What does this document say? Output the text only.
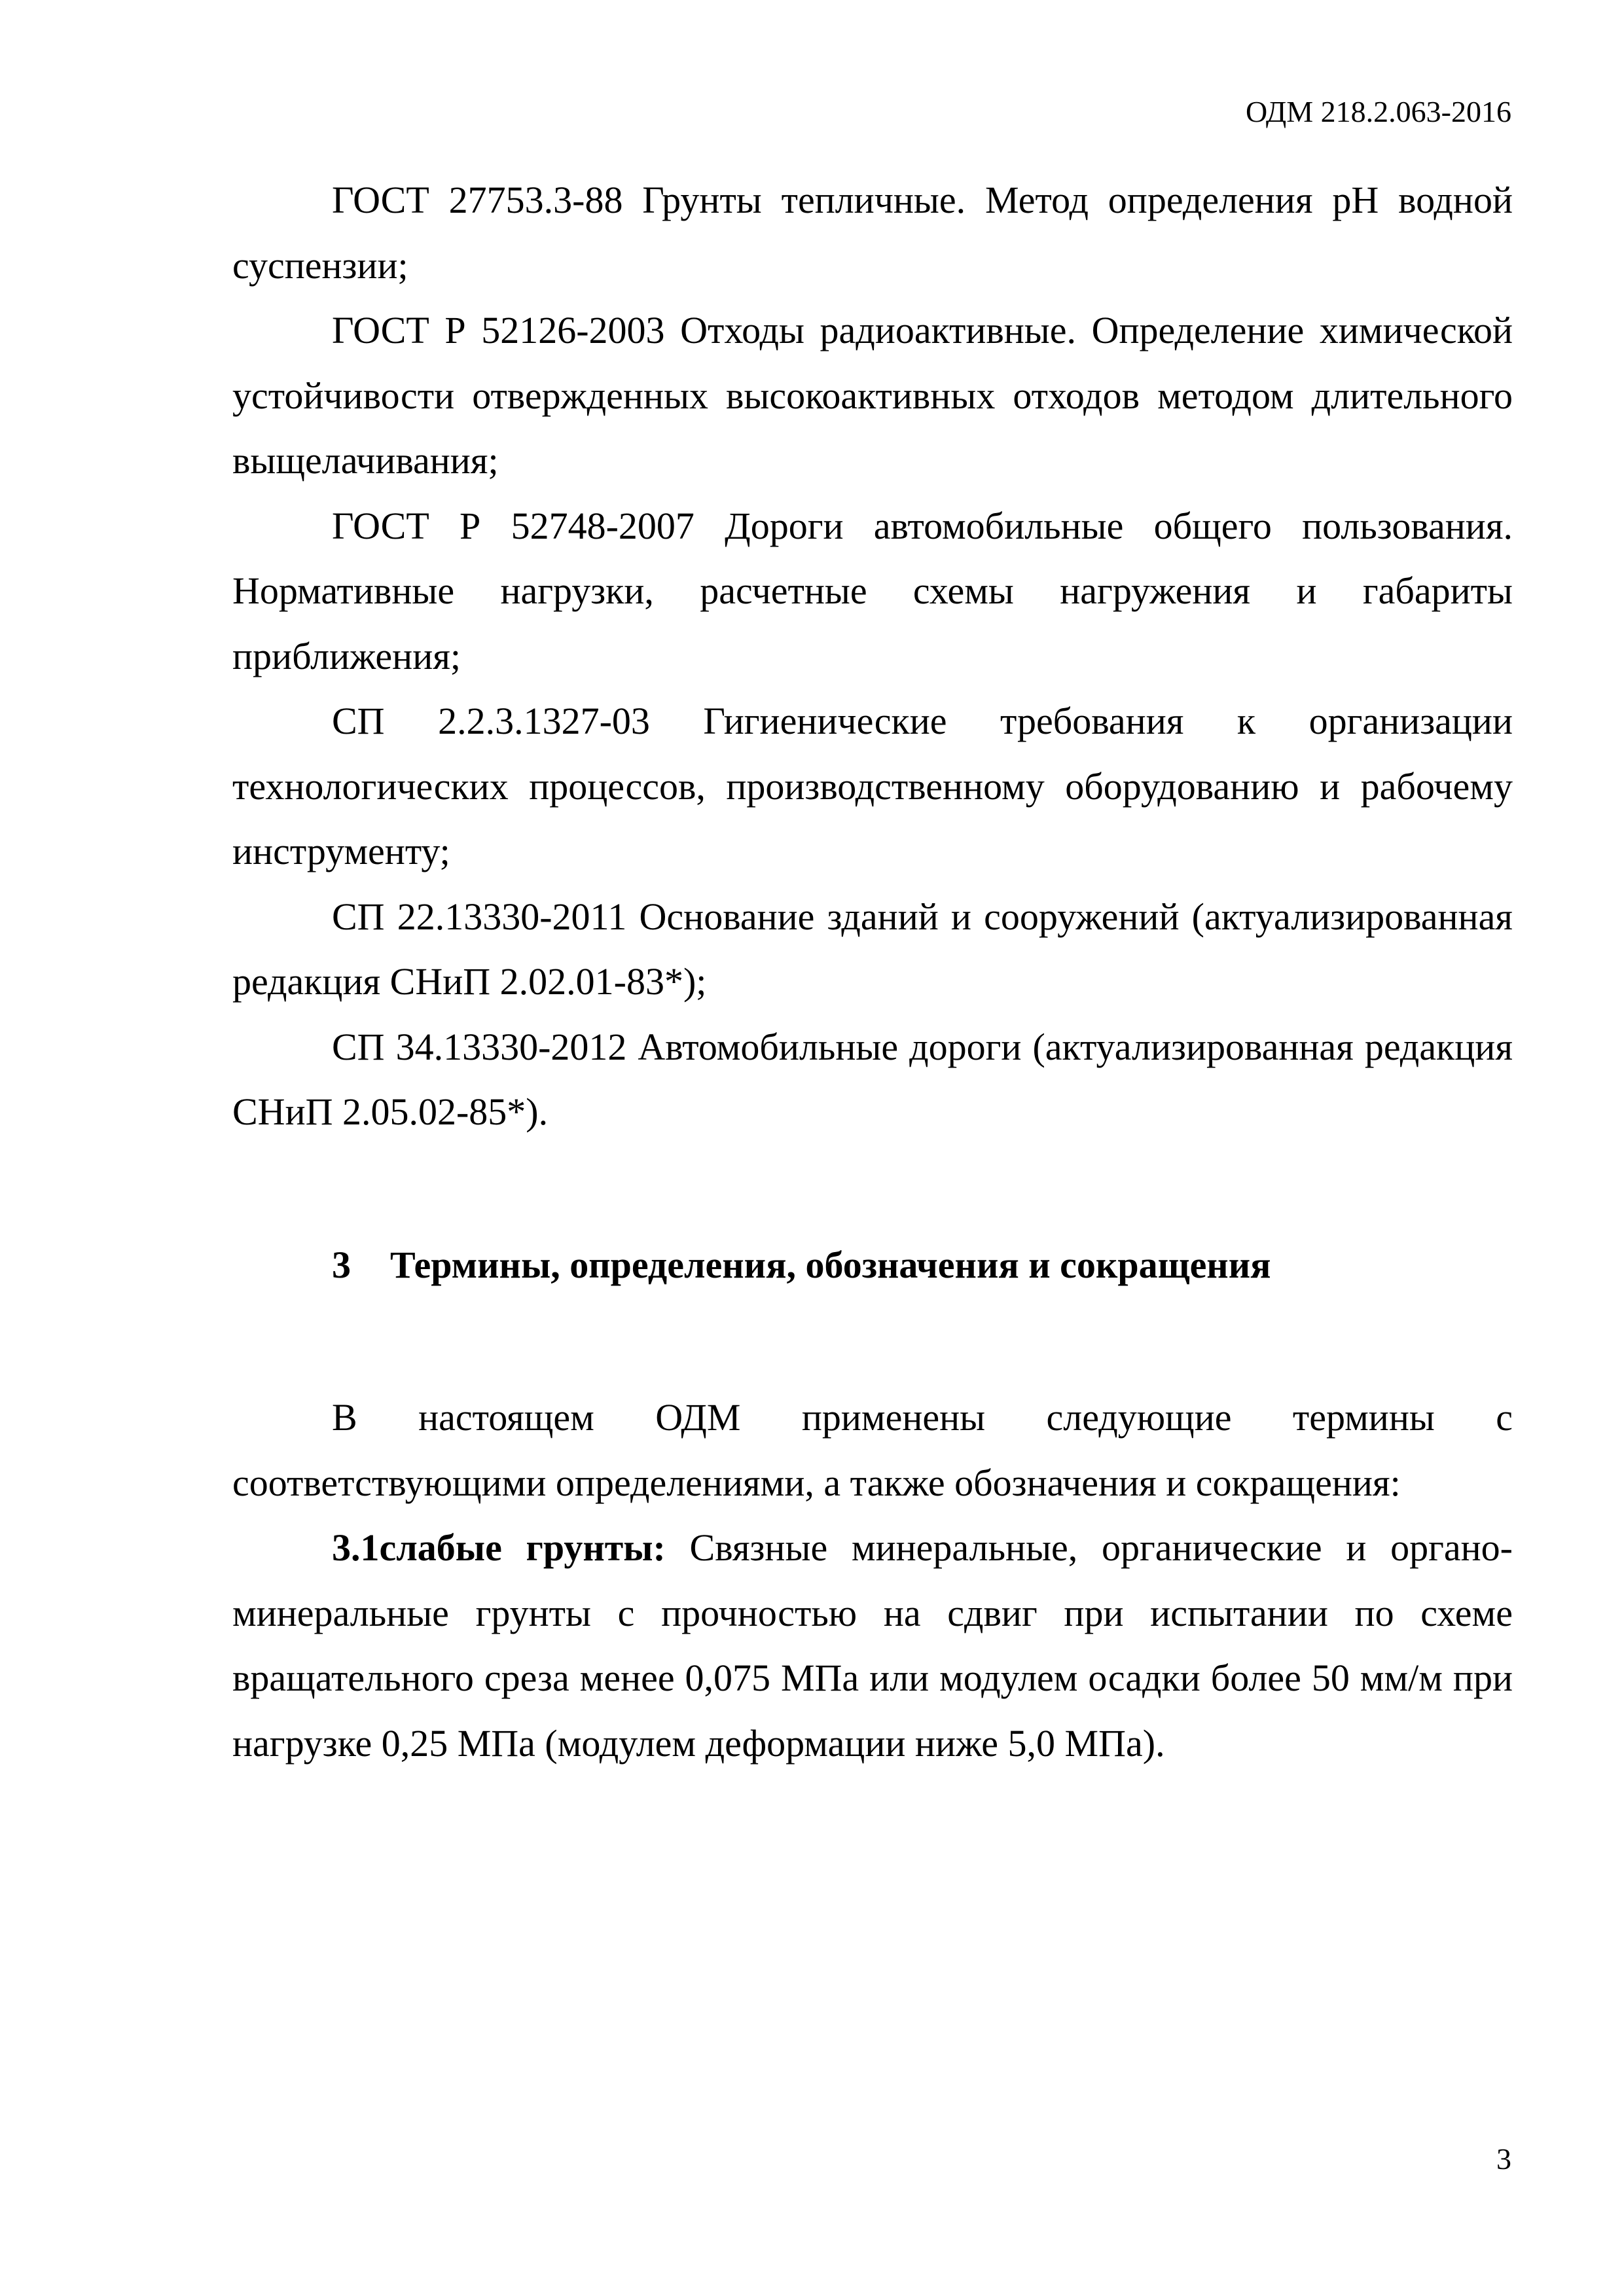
ОДМ 218.2.063-2016

ГОСТ 27753.3-88 Грунты тепличные. Метод определения pH водной суспензии;

ГОСТ Р 52126-2003 Отходы радиоактивные. Определение химической устойчивости отвержденных высокоактивных отходов методом длительного выщелачивания;

ГОСТ Р 52748-2007 Дороги автомобильные общего пользования. Нормативные нагрузки, расчетные схемы нагружения и габариты приближения;

СП 2.2.3.1327-03 Гигиенические требования к организации технологических процессов, производственному оборудованию и рабочему инструменту;

СП 22.13330-2011 Основание зданий и сооружений (актуализированная редакция СНиП 2.02.01-83*);

СП 34.13330-2012 Автомобильные дороги (актуализированная редакция СНиП 2.05.02-85*).

3 Термины, определения, обозначения и сокращения

В настоящем ОДМ применены следующие термины с соответствующими определениями, а также обозначения и сокращения:

3.1слабые грунты: Связные минеральные, органические и органо-минеральные грунты с прочностью на сдвиг при испытании по схеме вращательного среза менее 0,075 МПа или модулем осадки более 50 мм/м при нагрузке 0,25 МПа (модулем деформации ниже 5,0 МПа).

3
